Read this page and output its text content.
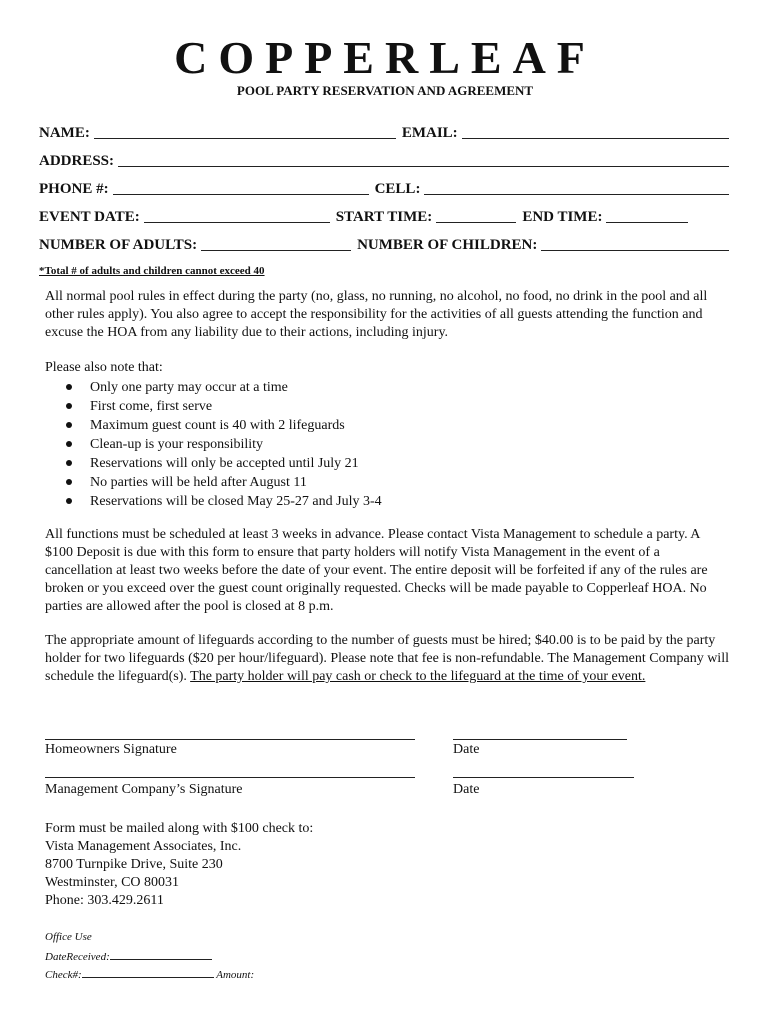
COPPERLEAF
POOL PARTY RESERVATION AND AGREEMENT
NAME:	EMAIL:
ADDRESS:
PHONE #:	CELL:
EVENT DATE:	START TIME:	END TIME:
NUMBER OF ADULTS:	NUMBER OF CHILDREN:
*Total # of adults and children cannot exceed 40
All normal pool rules in effect during the party (no, glass, no running, no alcohol, no food, no drink in the pool and all other rules apply). You also agree to accept the responsibility for the activities of all guests attending the function and excuse the HOA from any liability due to their actions, including injury.
Please also note that:
Only one party may occur at a time
First come, first serve
Maximum guest count is 40 with 2 lifeguards
Clean-up is your responsibility
Reservations will only be accepted until July 21
No parties will be held after August 11
Reservations will be closed May 25-27 and July 3-4
All functions must be scheduled at least 3 weeks in advance. Please contact Vista Management to schedule a party. A $100 Deposit is due with this form to ensure that party holders will notify Vista Management in the event of a cancellation at least two weeks before the date of your event. The entire deposit will be forfeited if any of the rules are broken or you exceed over the guest count originally requested. Checks will be made payable to Copperleaf HOA. No parties are allowed after the pool is closed at 8 p.m.
The appropriate amount of lifeguards according to the number of guests must be hired; $40.00 is to be paid by the party holder for two lifeguards ($20 per hour/lifeguard). Please note that fee is non-refundable. The Management Company will schedule the lifeguard(s). The party holder will pay cash or check to the lifeguard at the time of your event.
Homeowners Signature	Date
Management Company’s Signature	Date
Form must be mailed along with $100 check to:
Vista Management Associates, Inc.
8700 Turnpike Drive, Suite 230
Westminster, CO 80031
Phone: 303.429.2611
Office Use
DateReceived:
Check#:	Amount:
